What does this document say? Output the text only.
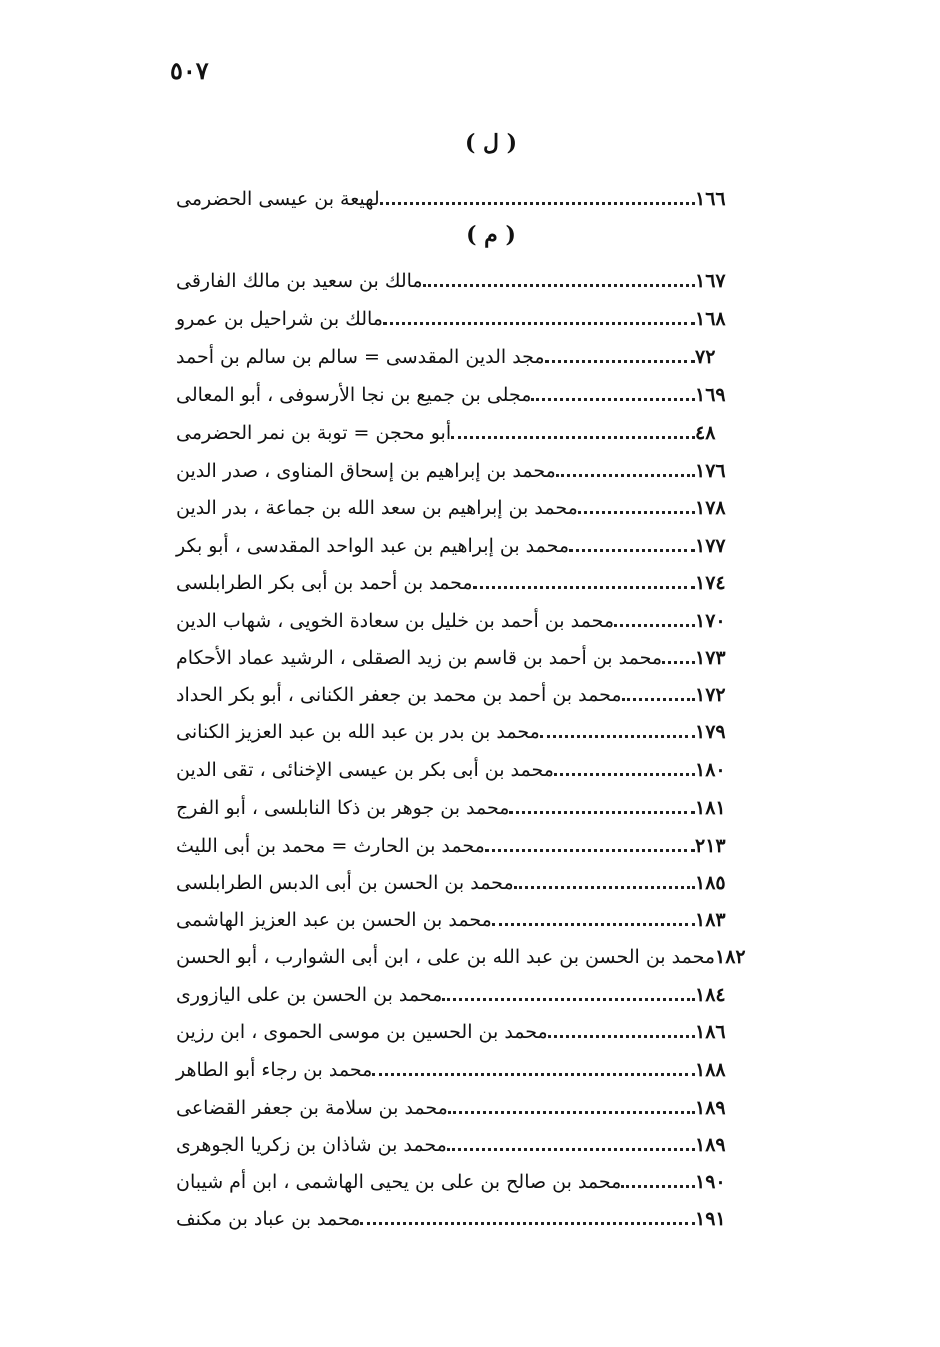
٥٠٧
( ل )
لهيعة بن عيسى الحضرمى	١٦٦
( م )
مالك بن سعيد بن مالك الفارقى	١٦٧
مالك بن شراحيل بن عمرو	١٦٨
مجد الدين المقدسى = سالم بن سالم بن أحمد	٧٢
مجلى بن جميع بن نجا الأرسوفى ، أبو المعالى	١٦٩
أبو محجن = توبة بن نمر الحضرمى	٤٨
محمد بن إبراهيم بن إسحاق المناوى ، صدر الدين	١٧٦
محمد بن إبراهيم بن سعد الله بن جماعة ، بدر الدين	١٧٨
محمد بن إبراهيم بن عبد الواحد المقدسى ، أبو بكر	١٧٧
محمد بن أحمد بن أبى بكر الطرابلسى	١٧٤
محمد بن أحمد بن خليل بن سعادة الخويى ، شهاب الدين	١٧٠
محمد بن أحمد بن قاسم بن زيد الصقلى ، الرشيد عماد الأحكام ١٧٣
محمد بن أحمد بن محمد بن جعفر الكنانى ، أبو بكر الحداد	١٧٢
محمد بن بدر بن عبد الله بن عبد العزيز الكنانى	١٧٩
محمد بن أبى بكر بن عيسى الإخنائى ، تقى الدين	١٨٠
محمد بن جوهر بن ذكا النابلسى ، أبو الفرج	١٨١
محمد بن الحارث = محمد بن أبى الليث	٢١٣
محمد بن الحسن بن أبى الدبس الطرابلسى	١٨٥
محمد بن الحسن بن عبد العزيز الهاشمى	١٨٣
محمد بن الحسن بن عبد الله بن على ، ابن أبى الشوارب ، أبو الحسن ١٨٢
محمد بن الحسن بن على اليازورى	١٨٤
محمد بن الحسين بن موسى الحموى ، ابن رزين	١٨٦
محمد بن رجاء أبو الطاهر	١٨٨
محمد بن سلامة بن جعفر القضاعى	١٨٩
محمد بن شاذان بن زكريا الجوهرى	١٨٩
محمد بن صالح بن على بن يحيى الهاشمى ، ابن أم شيبان	١٩٠
محمد بن عباد بن مكنف	١٩١
